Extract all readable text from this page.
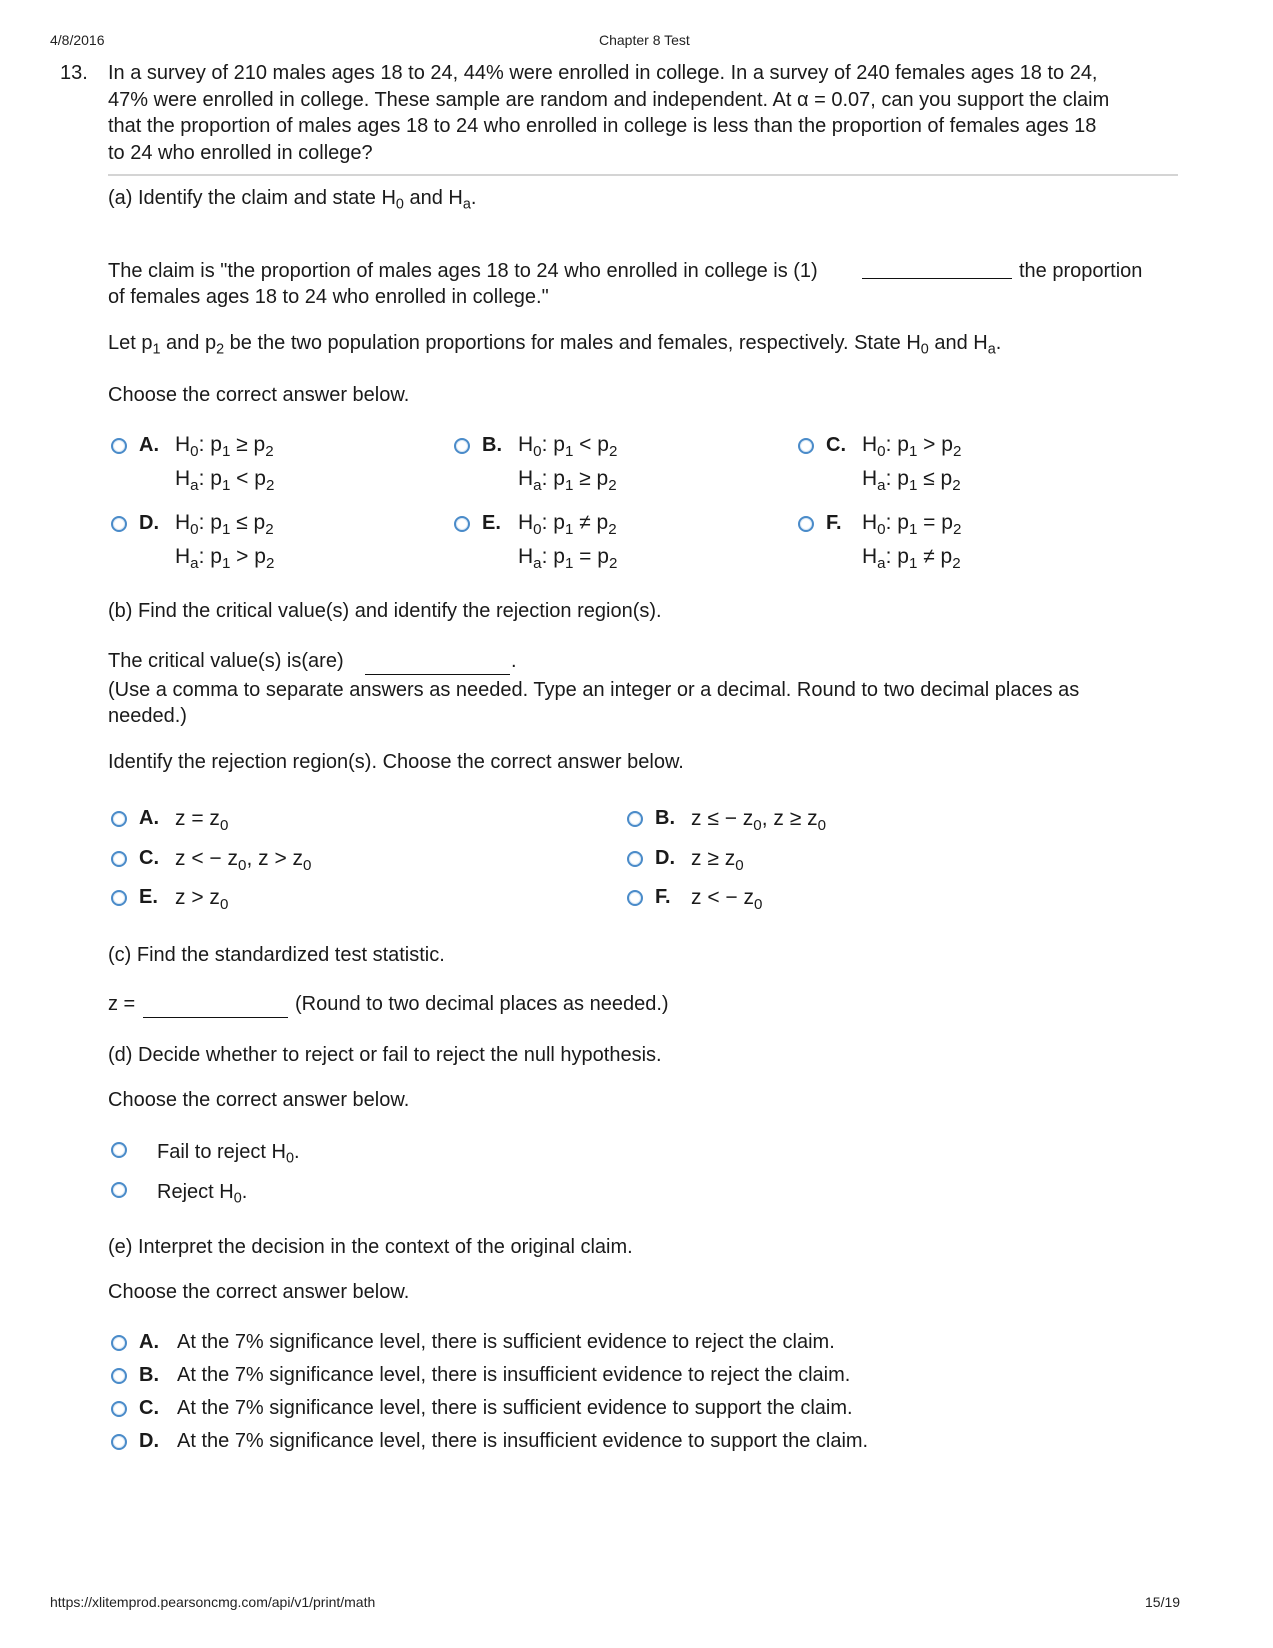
4/8/2016	Chapter 8 Test
13. In a survey of 210 males ages 18 to 24, 44% were enrolled in college. In a survey of 240 females ages 18 to 24,
47% were enrolled in college. These sample are random and independent. At α = 0.07, can you support the claim
that the proportion of males ages 18 to 24 who enrolled in college is less than the proportion of females ages 18
to 24 who enrolled in college?
(a) Identify the claim and state $H_0$ and $H_a$.
The claim is "the proportion of males ages 18 to 24 who enrolled in college is (1)	the proportion
of females ages 18 to 24 who enrolled in college."
Let $p_1$ and $p_2$ be the two population proportions for males and females, respectively. State $H_0$ and $H_a$.
Choose the correct answer below.
A. $H_0$: $p_1 \ge p_2$
$H_a$: $p_1 < p_2$
B. $H_0$: $p_1 < p_2$
$H_a$: $p_1 \ge p_2$
C. $H_0$: $p_1 > p_2$
$H_a$: $p_1 \le p_2$
D. $H_0$: $p_1 \le p_2$
$H_a$: $p_1 > p_2$
E. $H_0$: $p_1 \ne p_2$
$H_a$: $p_1 = p_2$
F. $H_0$: $p_1 = p_2$
$H_a$: $p_1 \ne p_2$
(b) Find the critical value(s) and identify the rejection region(s).
The critical value(s) is(are)	.
(Use a comma to separate answers as needed. Type an integer or a decimal. Round to two decimal places as
needed.)
Identify the rejection region(s). Choose the correct answer below.
A. $z = z_0$	B. z ≤ − $z_0$, $z \ge z_0$
C. z < − $z_0$, $z > z_0$	D. $z \ge z_0$
E. $z > z_0$	F. z < − $z_0$
(c) Find the standardized test statistic.
z =	(Round to two decimal places as needed.)
(d) Decide whether to reject or fail to reject the null hypothesis.
Choose the correct answer below.
Fail to reject $H_0$.
Reject $H_0$.
(e) Interpret the decision in the context of the original claim.
Choose the correct answer below.
A. At the 7% significance level, there is sufficient evidence to reject the claim.
B. At the 7% significance level, there is insufficient evidence to reject the claim.
C. At the 7% significance level, there is sufficient evidence to support the claim.
D. At the 7% significance level, there is insufficient evidence to support the claim.
https://xlitemprod.pearsoncmg.com/api/v1/print/math	15/19
